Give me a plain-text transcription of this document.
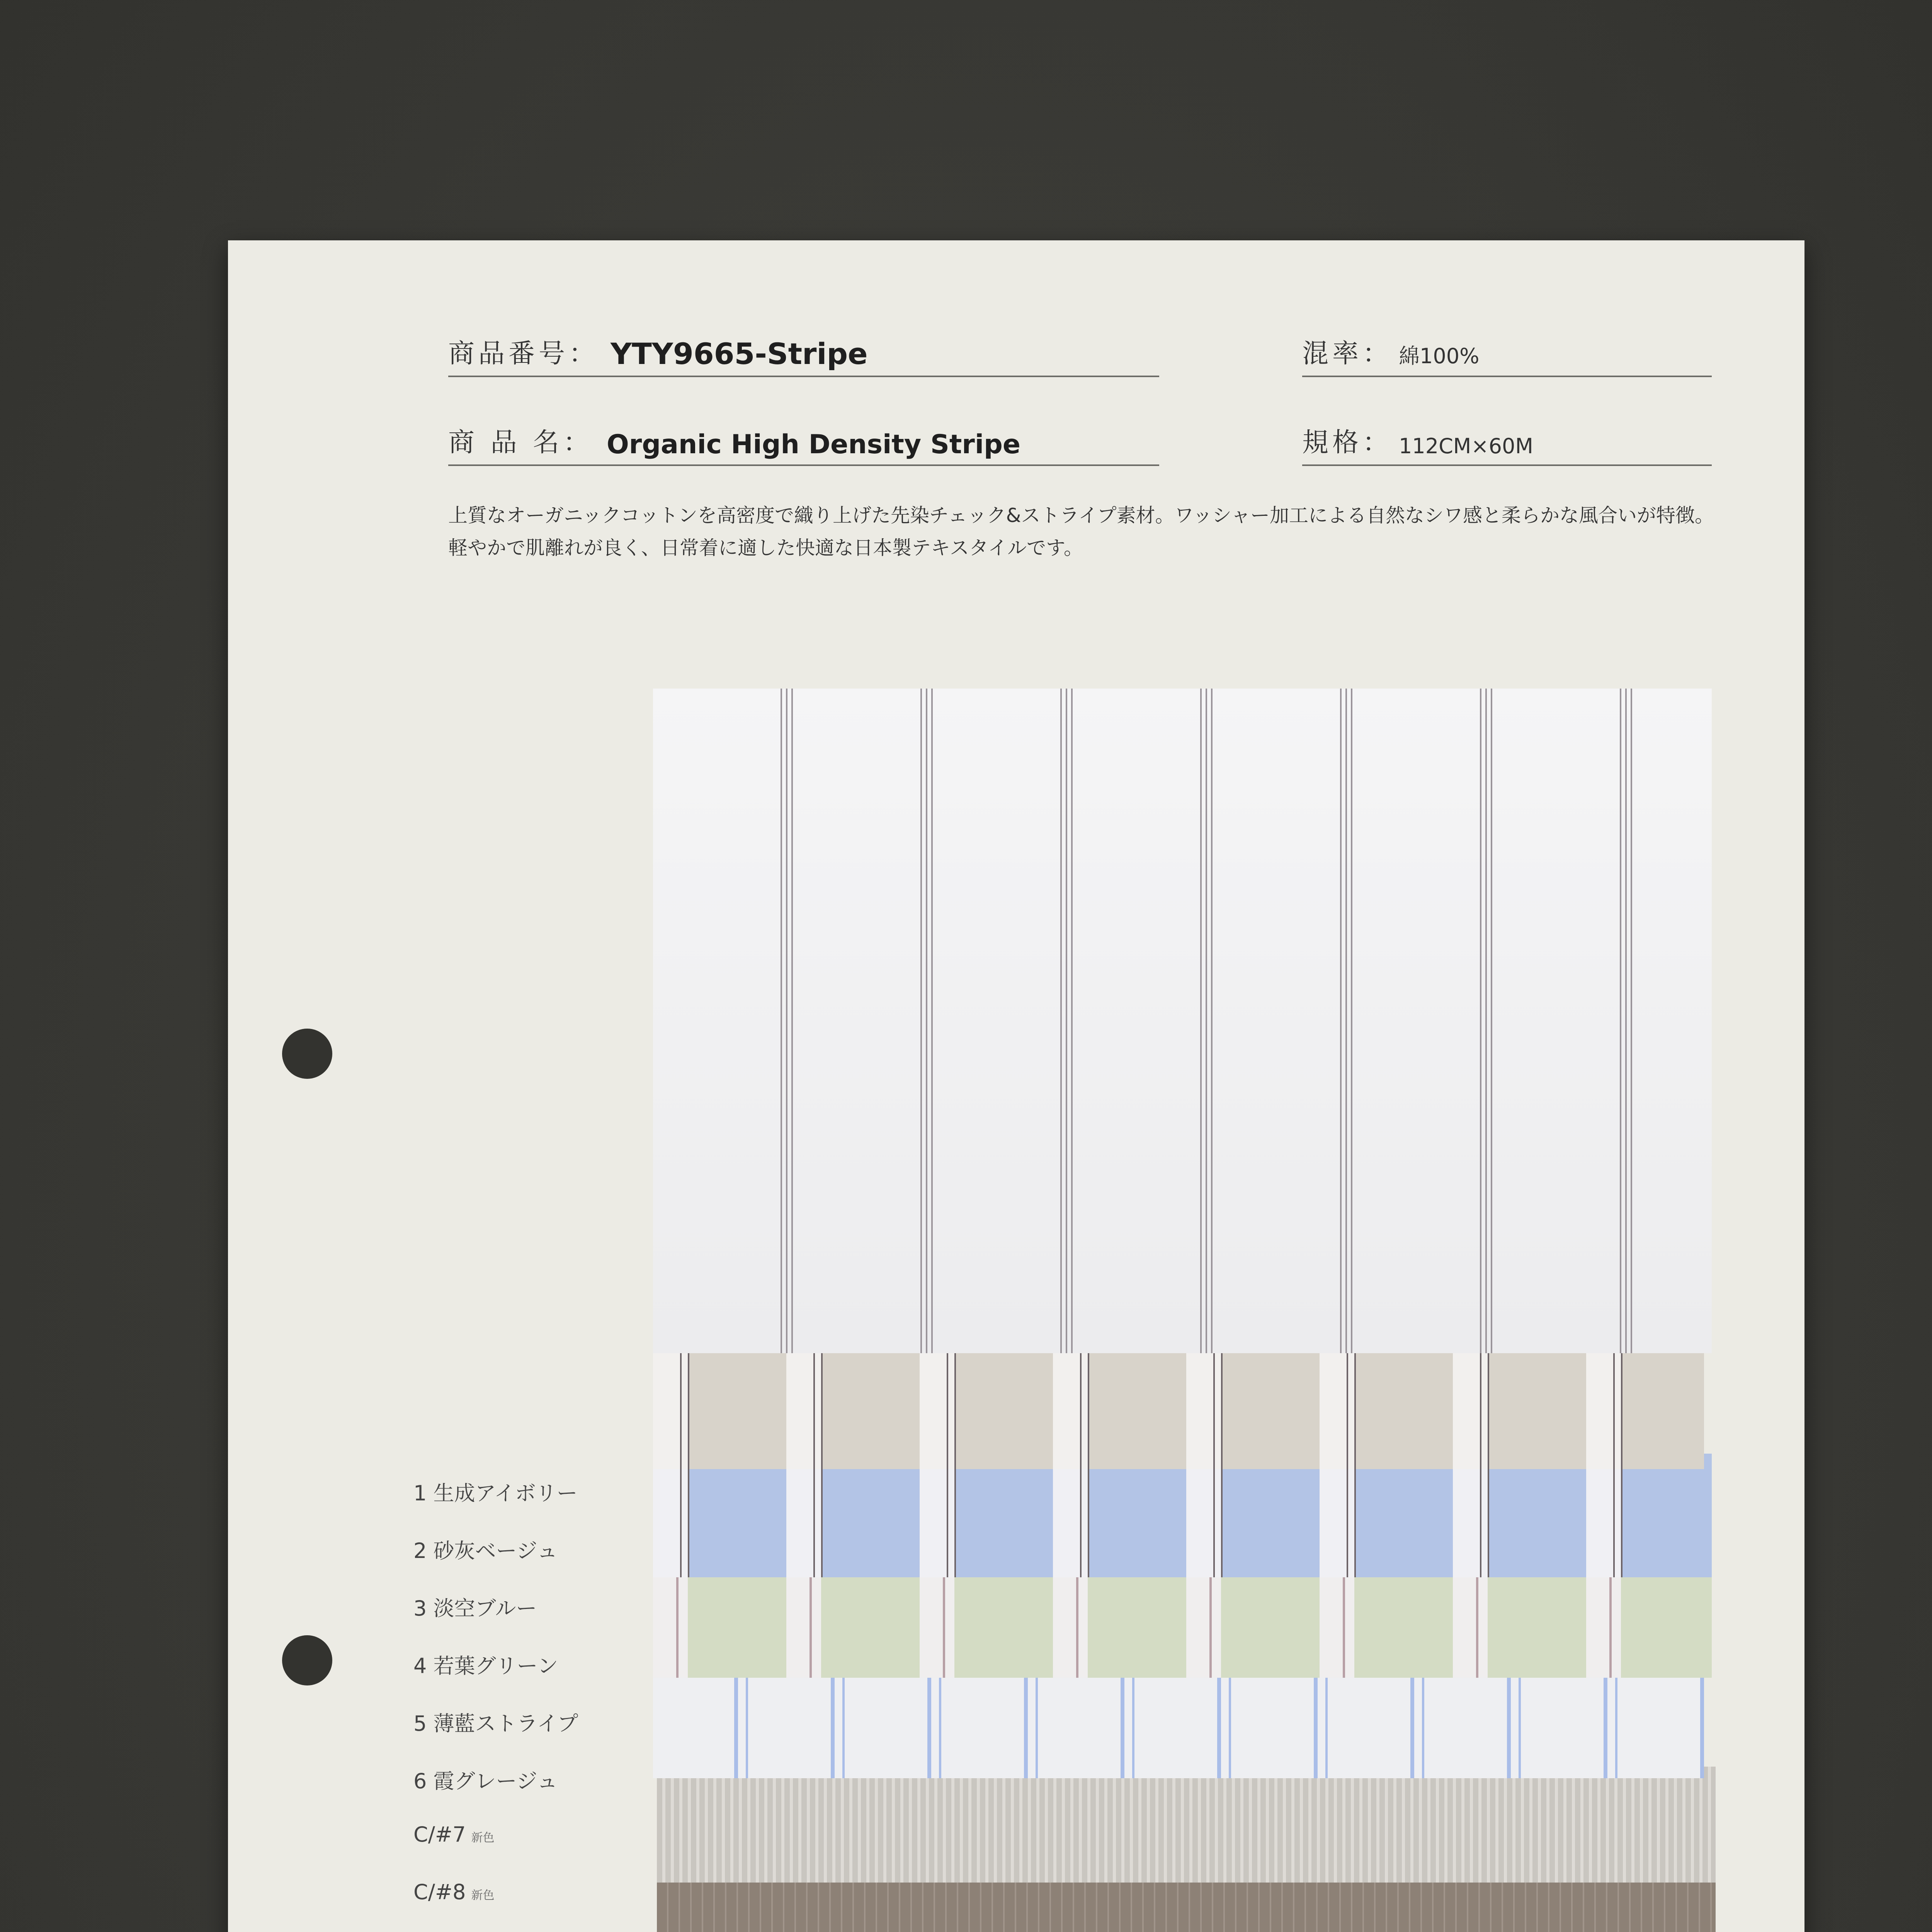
商品番号： YTY9665-Stripe
商 品 名： Organic High Density Stripe
混率： 綿100%
規格： 112CM×60M
上質なオーガニックコットンを高密度で織り上げた先染チェック&ストライプ素材。ワッシャー加工による自然なシワ感と柔らかな風合いが特徴。
軽やかで肌離れが良く、日常着に適した快適な日本製テキスタイルです。
1 生成アイボリー
2 砂灰ベージュ
3 淡空ブルー
4 若葉グリーン
5 薄藍ストライプ
6 霞グレージュ
C/#7 新色
C/#8 新色
